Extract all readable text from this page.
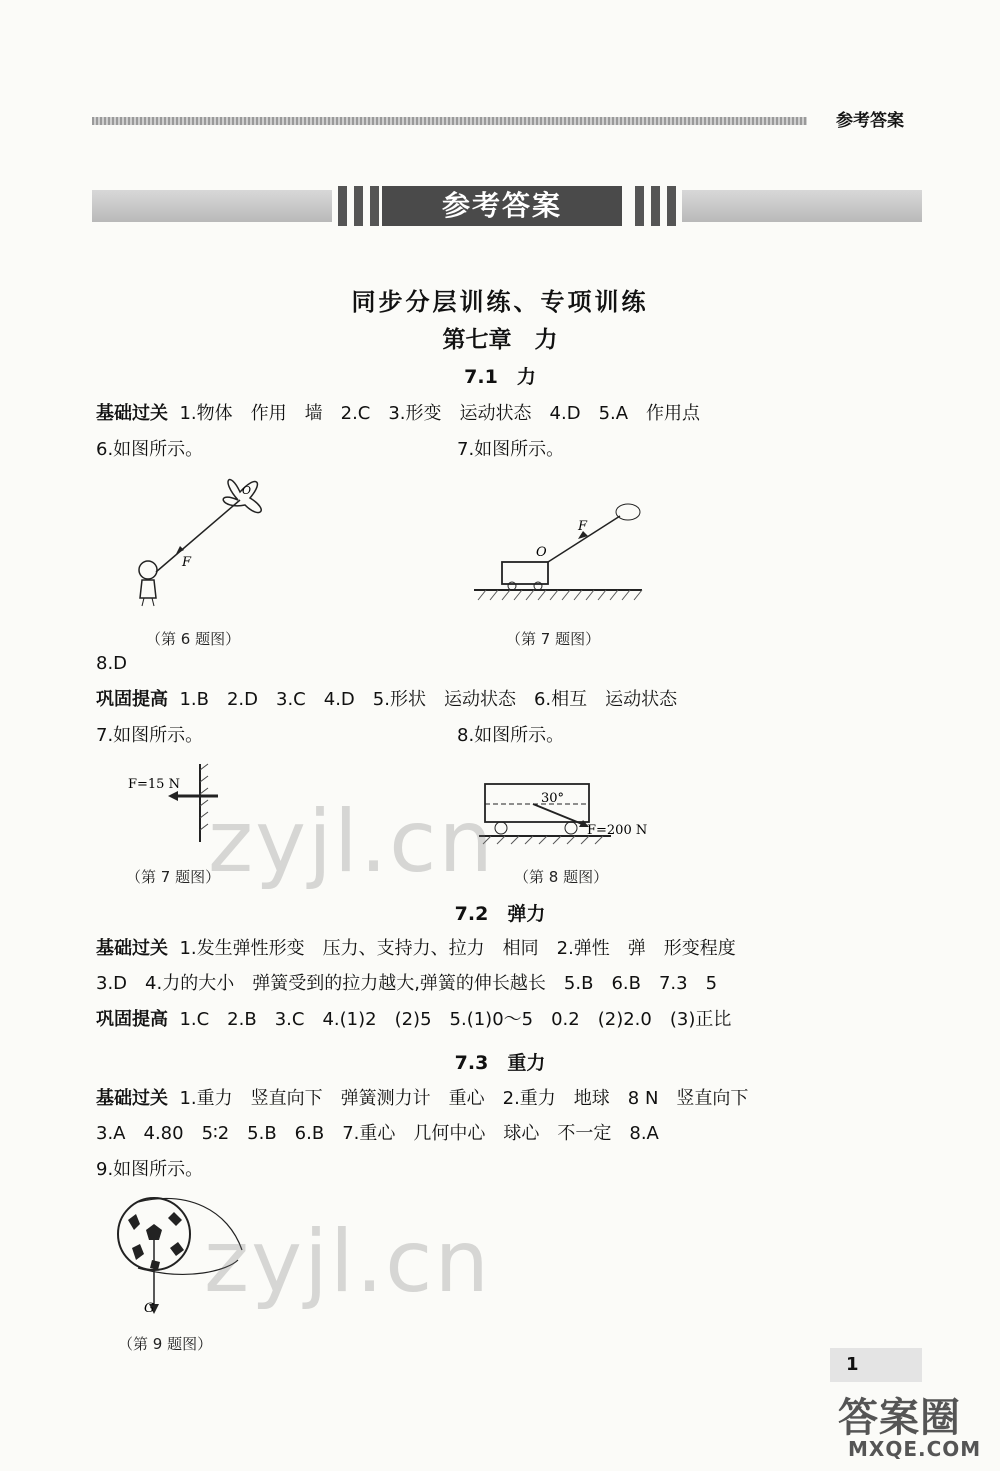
参考答案
参考答案
同步分层训练、专项训练
第七章　力
7.1　力
基础过关  1.物体　作用　墙　2.C　3.形变　运动状态　4.D　5.A　作用点
6.如图所示。	7.如图所示。
F
O
（第 6 题图）
F
O
（第 7 题图）
8.D
巩固提高  1.B　2.D　3.C　4.D　5.形状　运动状态　6.相互　运动状态
7.如图所示。	8.如图所示。
F=15 N
（第 7 题图）
30°
F=200 N
（第 8 题图）
7.2　弹力
基础过关  1.发生弹性形变　压力、支持力、拉力　相同　2.弹性　弹　形变程度
3.D　4.力的大小　弹簧受到的拉力越大,弹簧的伸长越长　5.B　6.B　7.3　5
巩固提高  1.C　2.B　3.C　4.(1)2　(2)5　5.(1)0～5　0.2　(2)2.0　(3)正比
7.3　重力
基础过关  1.重力　竖直向下　弹簧测力计　重心　2.重力　地球　8 N　竖直向下
3.A　4.80　5∶2　5.B　6.B　7.重心　几何中心　球心　不一定　8.A
9.如图所示。
G
（第 9 题图）
zyjl.cn
zyjl.cn
1
答案圈
MXQE.COM
